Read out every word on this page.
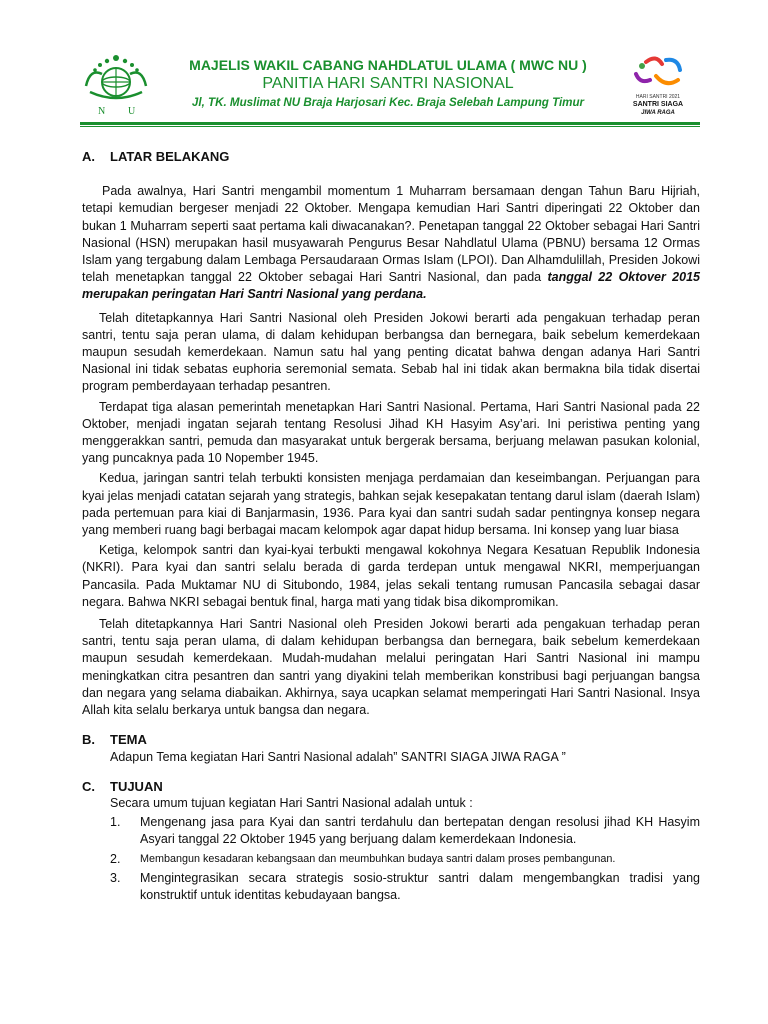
N U
MAJELIS WAKIL CABANG NAHDLATUL ULAMA ( MWC NU )
PANITIA HARI SANTRI NASIONAL
Jl, TK. Muslimat NU Braja Harjosari Kec. Braja Selebah Lampung Timur	HARI SANTRI 2021
SANTRI SIAGA
JIWA RAGA
A.	LATAR BELAKANG

Pada awalnya, Hari Santri mengambil momentum 1 Muharram bersamaan dengan Tahun Baru Hijriah, tetapi kemudian bergeser menjadi 22 Oktober. Mengapa kemudian Hari Santri diperingati 22 Oktober dan bukan 1 Muharram seperti saat pertama kali diwacanakan?. Penetapan tanggal 22 Oktober sebagai Hari Santri Nasional (HSN) merupakan hasil musyawarah Pengurus Besar Nahdlatul Ulama (PBNU) bersama 12 Ormas Islam yang tergabung dalam Lembaga Persaudaraan Ormas Islam (LPOI). Dan Alhamdulillah, Presiden Jokowi telah menetapkan tanggal 22 Oktober sebagai Hari Santri Nasional, dan pada tanggal 22 Oktover 2015 merupakan peringatan Hari Santri Nasional yang perdana.

Telah ditetapkannya Hari Santri Nasional oleh Presiden Jokowi berarti ada pengakuan terhadap peran santri, tentu saja peran ulama, di dalam kehidupan berbangsa dan bernegara, baik sebelum kemerdekaan maupun sesudah kemerdekaan. Namun satu hal yang penting dicatat bahwa dengan adanya Hari Santri Nasional ini tidak sebatas euphoria seremonial semata. Sebab hal ini tidak akan bermakna bila tidak disertai program pemberdayaan terhadap pesantren.

Terdapat tiga alasan pemerintah menetapkan Hari Santri Nasional. Pertama, Hari Santri Nasional pada 22 Oktober, menjadi ingatan sejarah tentang Resolusi Jihad KH Hasyim Asy’ari. Ini peristiwa penting yang menggerakkan santri, pemuda dan masyarakat untuk bergerak bersama, berjuang melawan pasukan kolonial, yang puncaknya pada 10 Nopember 1945.

Kedua, jaringan santri telah terbukti konsisten menjaga perdamaian dan keseimbangan. Perjuangan para kyai jelas menjadi catatan sejarah yang strategis, bahkan sejak kesepakatan tentang darul islam (daerah Islam) pada pertemuan para kiai di Banjarmasin, 1936. Para kyai dan santri sudah sadar pentingnya konsep negara yang memberi ruang bagi berbagai macam kelompok agar dapat hidup bersama. Ini konsep yang luar biasa

Ketiga, kelompok santri dan kyai-kyai terbukti mengawal kokohnya Negara Kesatuan Republik Indonesia (NKRI). Para kyai dan santri selalu berada di garda terdepan untuk mengawal NKRI, memperjuangan Pancasila. Pada Muktamar NU di Situbondo, 1984, jelas sekali tentang rumusan Pancasila sebagai dasar negara. Bahwa NKRI sebagai bentuk final, harga mati yang tidak bisa dikompromikan.

Telah ditetapkannya Hari Santri Nasional oleh Presiden Jokowi berarti ada pengakuan terhadap peran santri, tentu saja peran ulama, di dalam kehidupan berbangsa dan bernegara, baik sebelum kemerdekaan maupun sesudah kemerdekaan. Mudah-mudahan melalui peringatan Hari Santri Nasional ini mampu meningkatkan citra pesantren dan santri yang diyakini telah memberikan konstribusi bagi perjuangan bangsa dan negara yang selama diabaikan. Akhirnya, saya ucapkan selamat memperingati Hari Santri Nasional. Insya Allah kita selalu berkarya untuk bangsa dan negara.

B.	TEMA
Adapun Tema kegiatan Hari Santri Nasional adalah” SANTRI SIAGA JIWA RAGA ”
C.	TUJUAN
Secara umum tujuan kegiatan Hari Santri Nasional adalah untuk :
1.	Mengenang jasa para Kyai dan santri terdahulu dan bertepatan dengan resolusi jihad KH Hasyim Asyari tanggal 22 Oktober 1945 yang berjuang dalam kemerdekaan Indonesia.
2.	Membangun kesadaran kebangsaan dan meumbuhkan budaya santri dalam proses pembangunan.
3.	Mengintegrasikan secara strategis sosio-struktur santri dalam mengembangkan tradisi yang konstruktif untuk identitas kebudayaan bangsa.
